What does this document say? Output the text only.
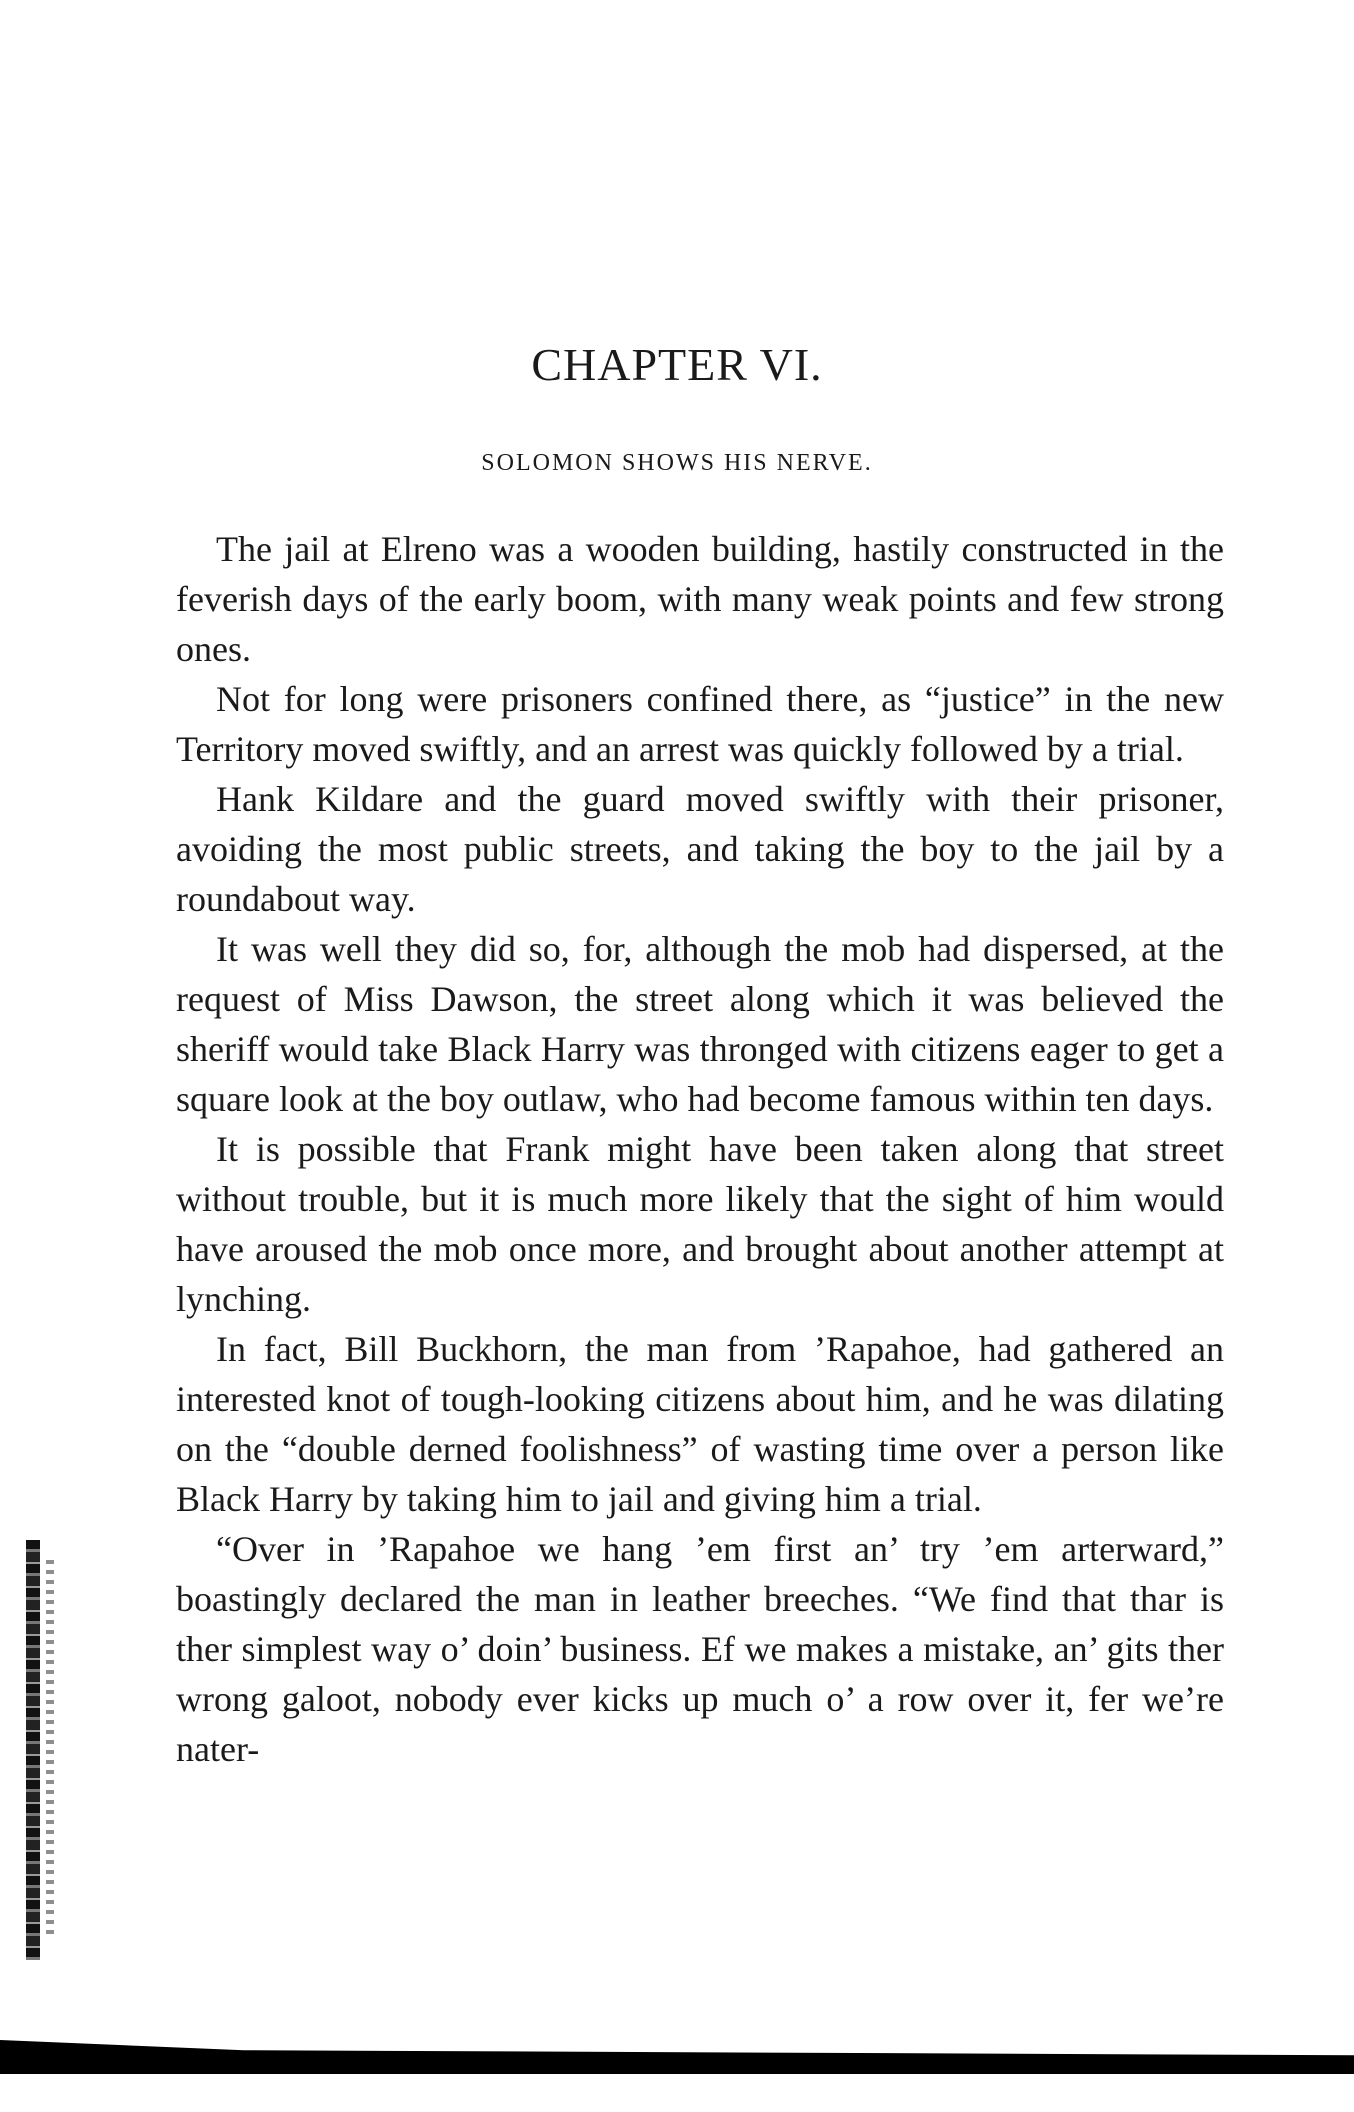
CHAPTER VI.
SOLOMON SHOWS HIS NERVE.

The jail at Elreno was a wooden building, hastily constructed in the feverish days of the early boom, with many weak points and few strong ones.

Not for long were prisoners confined there, as “justice” in the new Territory moved swiftly, and an arrest was quickly followed by a trial.

Hank Kildare and the guard moved swiftly with their prisoner, avoiding the most public streets, and taking the boy to the jail by a roundabout way.

It was well they did so, for, although the mob had dispersed, at the request of Miss Dawson, the street along which it was believed the sheriff would take Black Harry was thronged with citizens eager to get a square look at the boy outlaw, who had become famous within ten days.

It is possible that Frank might have been taken along that street without trouble, but it is much more likely that the sight of him would have aroused the mob once more, and brought about another attempt at lynching.

In fact, Bill Buckhorn, the man from ’Rapahoe, had gathered an interested knot of tough-looking citizens about him, and he was dilating on the “double derned foolishness” of wasting time over a person like Black Harry by taking him to jail and giving him a trial.

“Over in ’Rapahoe we hang ’em first an’ try ’em arterward,” boastingly declared the man in leather breeches. “We find that thar is ther simplest way o’ doin’ business. Ef we makes a mistake, an’ gits ther wrong galoot, nobody ever kicks up much o’ a row over it, fer we’re nater-
